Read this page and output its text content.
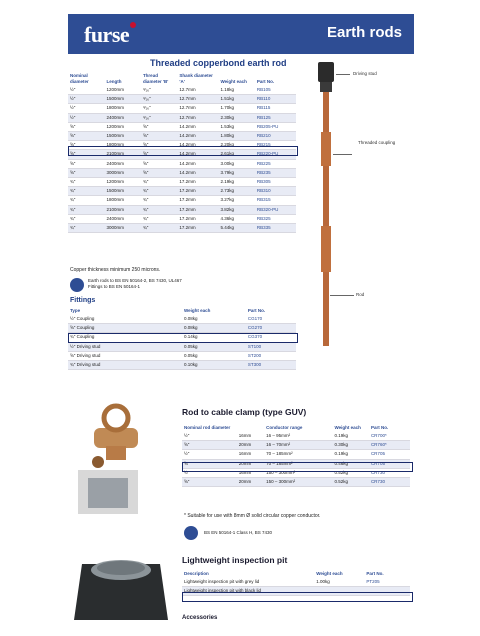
furse	Earth rods
Threaded copperbond earth rod
Nominal diameter	Length	Thread diameter 'B'	Shank diameter 'A'	Weight each	Part No.
½"	1200mm	⁹⁄₁₆"	12.7mm	1.18kg	RB105
½"	1500mm	⁹⁄₁₆"	12.7mm	1.51kg	RB110
½"	1800mm	⁹⁄₁₆"	12.7mm	1.70kg	RB115
½"	2400mm	⁹⁄₁₆"	12.7mm	2.30kg	RB125
⅝"	1200mm	⅝"	14.2mm	1.53kg	RB205-PU
⅝"	1500mm	⅝"	14.2mm	1.80kg	RB210
⅝"	1800mm	⅝"	14.2mm	2.20kg	RB215
⅝"	2100mm	⅝"	14.2mm	2.61kg	RB220-PU
⅝"	2400mm	⅝"	14.2mm	3.00kg	RB225
⅝"	3000mm	⅝"	14.2mm	3.79kg	RB235
¾"	1200mm	¾"	17.2mm	2.19kg	RB305
¾"	1500mm	¾"	17.2mm	2.73kg	RB310
¾"	1800mm	¾"	17.2mm	3.27kg	RB315
¾"	2100mm	¾"	17.2mm	3.82kg	RB320-PU
¾"	2400mm	¾"	17.2mm	4.36kg	RB325
¾"	3000mm	¾"	17.2mm	5.44kg	RB335
Copper thickness minimum 250 microns.
Earth rods to BS EN 50164-2, BS 7430, UL467
Fittings to BS EN 50164-1
Fittings
Type	Weight each	Part No.
½" Coupling	0.08kg	CG170
⅝" Coupling	0.08kg	CG270
¾" Coupling	0.14kg	CG370
½" Driving stud	0.05kg	ST100
⅝" Driving stud	0.05kg	ST200
¾" Driving stud	0.10kg	ST300
Driving stud
Threaded coupling
Rod
Rod to cable clamp (type GUV)
Nominal rod diameter		Conductor range	Weight each	Part No.
½"	16mm	16 – 95mm²	0.19kg	CR700*
⅝"	20mm	16 – 70mm²	0.30kg	CR760*
½"	16mm	70 – 185mm²	0.19kg	CR705
⅝"	20mm	70 – 185mm²	0.46kg	CR705
½"	16mm	150 – 300mm²	0.52kg	CR730
⅝"	20mm	150 – 300mm²	0.52kg	CR730
* Suitable for use with 8mm Ø solid circular copper conductor.
BS EN 50164-1 Class H, BS 7430
Lightweight inspection pit
Description	Weight each	Part No.
Lightweight inspection pit with grey lid	1.00kg	PT205
Lightweight inspection pit with black lid		
Accessories
